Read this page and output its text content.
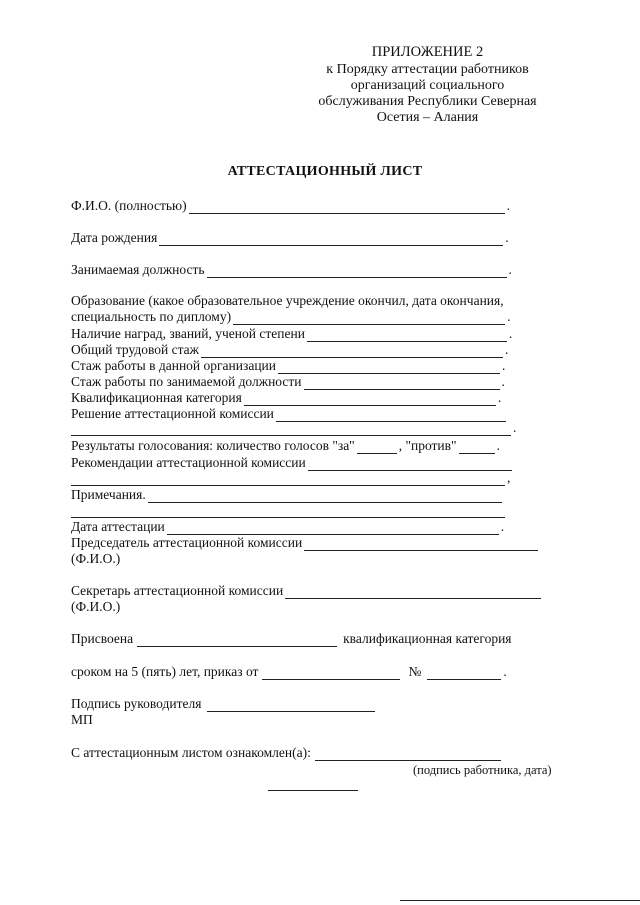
ПРИЛОЖЕНИЕ 2
к Порядку аттестации работников
организаций социального
обслуживания Республики Северная
Осетия – Алания
АТТЕСТАЦИОННЫЙ ЛИСТ
Ф.И.О. (полностью)	.
Дата рождения	.
Занимаемая должность	.
Образование (какое образовательное учреждение окончил, дата окончания,
специальность по диплому)	.
Наличие наград, званий, ученой степени	.
Общий трудовой стаж	.
Стаж работы в данной организации	.
Стаж работы по занимаемой должности	.
Квалификационная категория	.
Решение аттестационной комиссии
.
Результаты голосования: количество голосов "за"	, "против"	.
Рекомендации аттестационной комиссии
,
Примечания.
Дата аттестации	.
Председатель аттестационной комиссии
(Ф.И.О.)
Секретарь аттестационной комиссии
(Ф.И.О.)
Присвоена	квалификационная категория
сроком на 5 (пять) лет, приказ от	№	.
Подпись руководителя
МП
С аттестационным листом ознакомлен(а):
(подпись работника, дата)
